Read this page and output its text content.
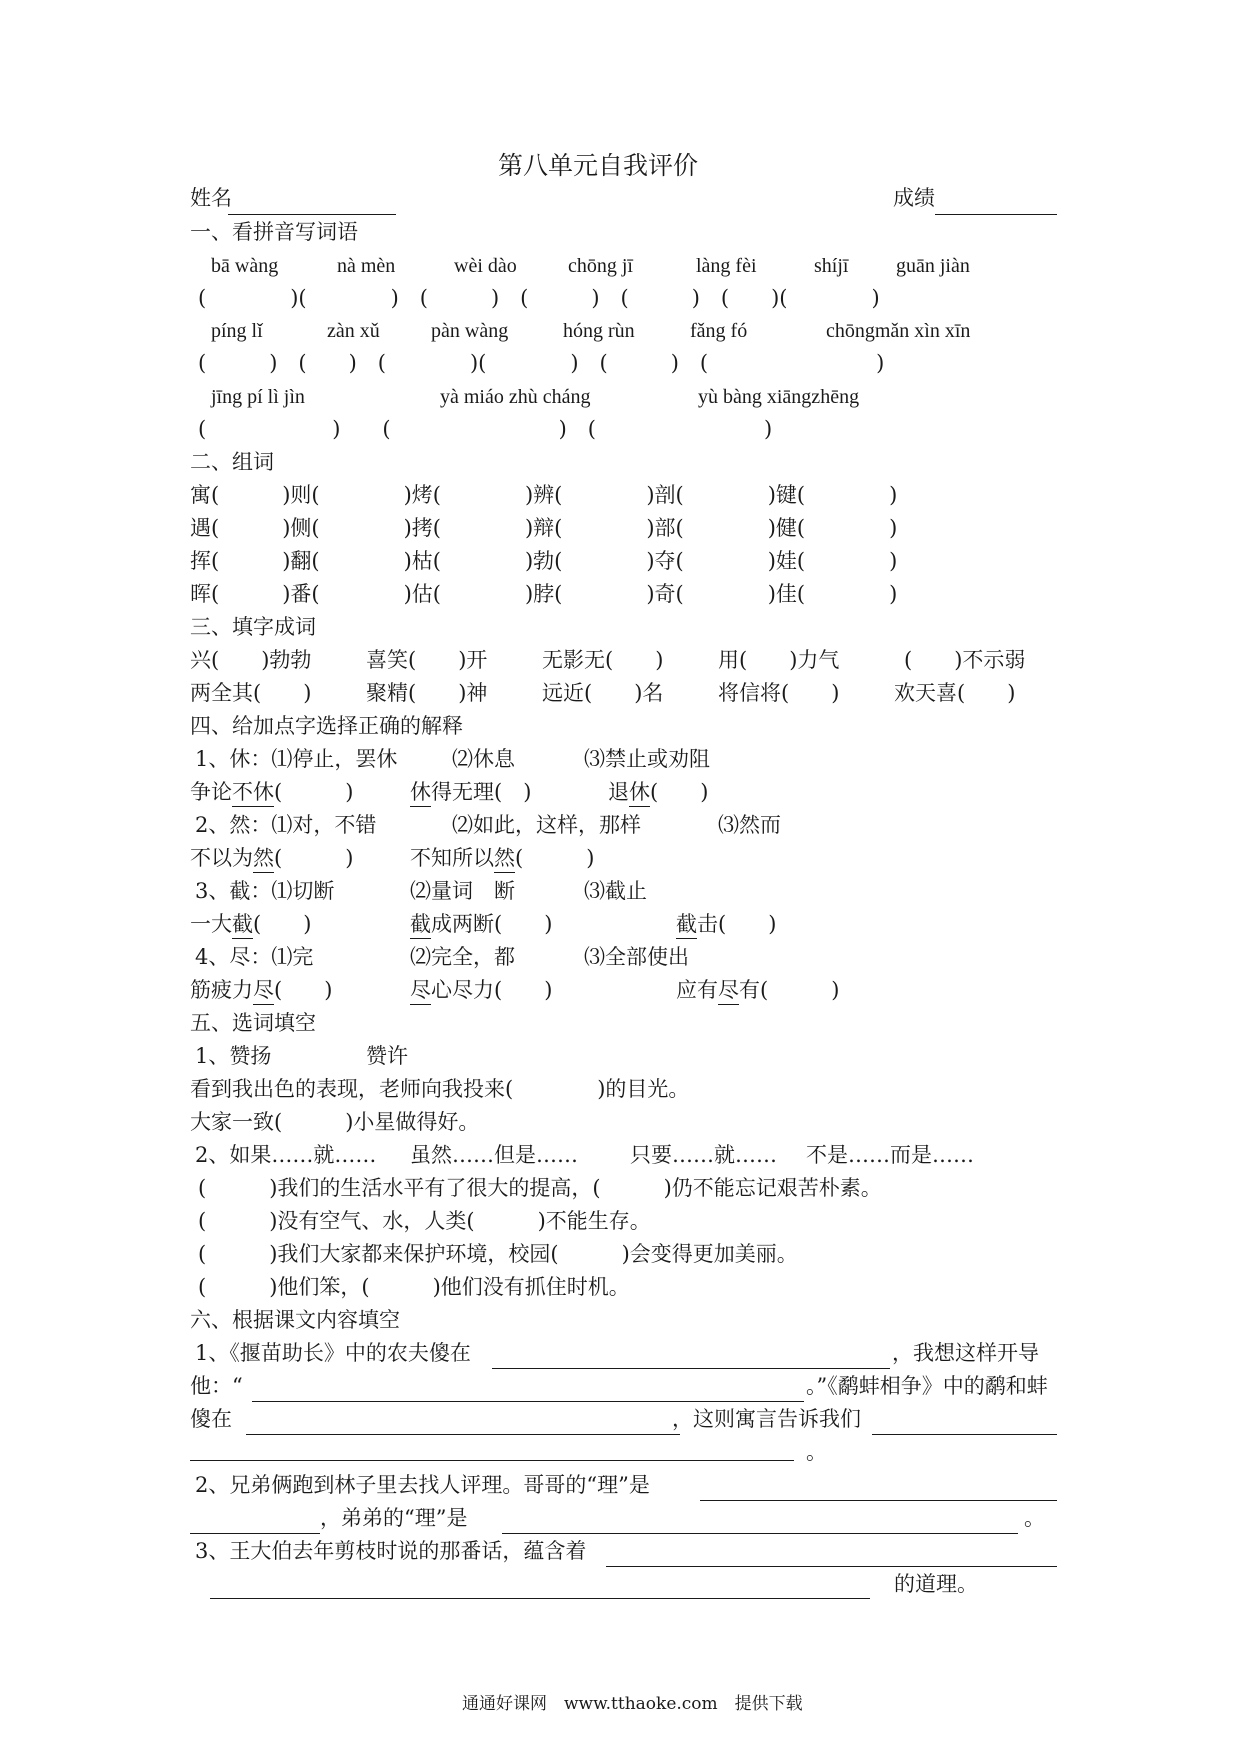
第八单元自我评价
姓名	成绩
一、看拼音写词语
bā wàng	nà mèn	wèi dào	chōng jī	làng fèi	shíjī guān jiàn
(　　　　)(　　　　)　(　　　)　(　　　)　(　　　)　(　　)(　　　　)
píng lǐ	zàn xǔ	pàn wàng	hóng rùn	fǎng fó	chōngmǎn xìn xīn
(　　　)　(　　)　(　　　　)(　　　　)　(　　　)　(　　　　　　　　)
jīng pí lì jìn	yà miáo zhù cháng	yù bàng xiāngzhēng
(　　　　　　)　　(　　　　　　　　)　(　　　　　　　　)
二、组词
寓(　　　)则(　　　　)烤(　　　　)辨(　　　　)剖(　　　　)键(　　　　)
遇(　　　)侧(　　　　)拷(　　　　)辩(　　　　)部(　　　　)健(　　　　)
挥(　　　)翻(　　　　)枯(　　　　)勃(　　　　)夺(　　　　)娃(　　　　)
晖(　　　)番(　　　　)估(　　　　)脖(　　　　)奇(　　　　)佳(　　　　)
三、填字成词
兴(　　)勃勃	喜笑(　　)开	无影无(　　)	用(　　)力气	(　　)不示弱
两全其(　　)	聚精(　　)神	远近(　　)名	将信将(　　)	欢天喜(　　)
四、给加点字选择正确的解释
1、休：⑴停止，罢休	⑵休息	⑶禁止或劝阻
争论不休(　　　)	休得无理(　)	退休(　　)
2、然：⑴对，不错	⑵如此，这样，那样	⑶然而
不以为然(　　　)	不知所以然(　　　)
3、截：⑴切断	⑵量词　断	⑶截止
一大截(　　)	截成两断(　　)	截击(　　)
4、尽：⑴完	⑵完全，都	⑶全部使出
筋疲力尽(　　)	尽心尽力(　　)	应有尽有(　　　)
五、选词填空
1、赞扬	赞许
看到我出色的表现，老师向我投来(　　　　)的目光。
大家一致(　　　)小星做得好。
2、如果……就…… 虽然……但是…… 只要……就…… 不是……而是……
(　　　)我们的生活水平有了很大的提高，(　　　)仍不能忘记艰苦朴素。
(　　　)没有空气、水，人类(　　　)不能生存。
(　　　)我们大家都来保护环境，校园(　　　)会变得更加美丽。
(　　　)他们笨，(　　　)他们没有抓住时机。
六、根据课文内容填空
1、《揠苗助长》中的农夫傻在	，我想这样开导
他：“	。”《鹬蚌相争》中的鹬和蚌
傻在	，这则寓言告诉我们
。
2、兄弟俩跑到林子里去找人评理。哥哥的“理”是
，弟弟的“理”是	。
3、王大伯去年剪枝时说的那番话，蕴含着
的道理。
通通好课网　www.tthaoke.com　提供下载
